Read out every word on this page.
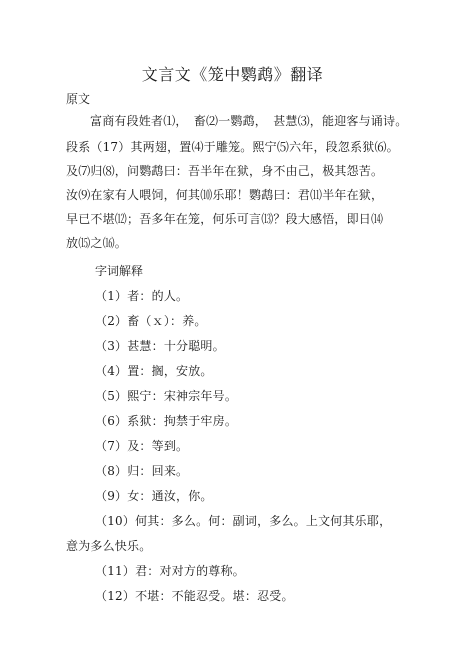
文言文《笼中鹦鹉》翻译
原文
富商有段姓者⑴，　畜⑵一鹦鹉，　甚慧⑶，能迎客与诵诗。
段系（17）其两翅，置⑷于雕笼。熙宁⑸六年，段忽系狱⑹。
及⑺归⑻，问鹦鹉曰：吾半年在狱，身不由己，极其怨苦。
汝⑼在家有人喂饲，何其⑽乐耶！鹦鹉曰：君⑾半年在狱，
早已不堪⑿；吾多年在笼，何乐可言⒀？段大感悟，即日⒁
放⒂之⒃。
字词解释
（1）者：的人。
（2）畜（ｘ）：养。
（3）甚慧：十分聪明。
（4）置：搁，安放。
（5）熙宁：宋神宗年号。
（6）系狱：拘禁于牢房。
（7）及：等到。
（8）归：回来。
（9）女：通汝，你。
（10）何其：多么。何：副词，多么。上文何其乐耶，
意为多么快乐。
（11）君：对对方的尊称。
（12）不堪：不能忍受。堪：忍受。
